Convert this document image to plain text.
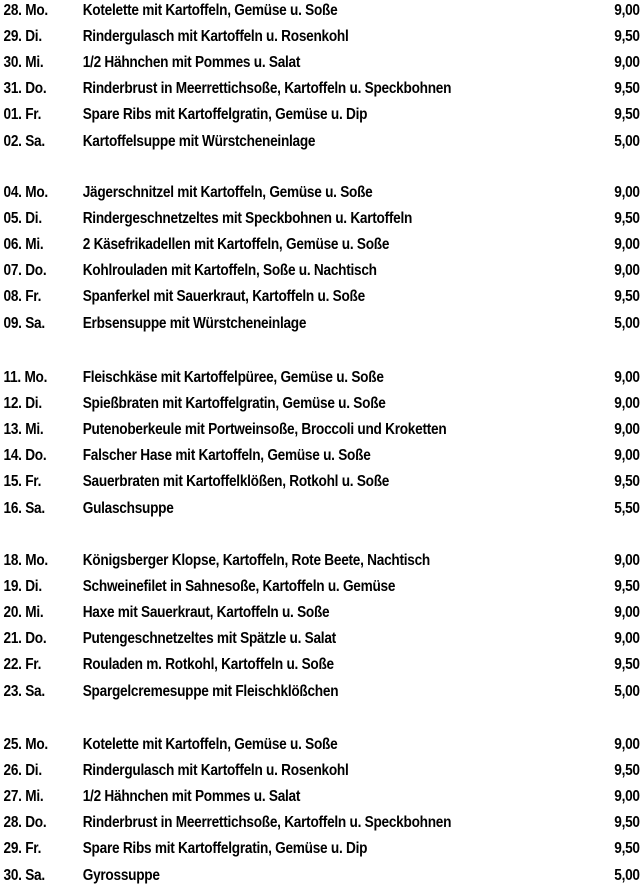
28. Mo. Kotelette mit Kartoffeln, Gemüse u. Soße	9,00
29. Di.	Rindergulasch mit Kartoffeln u. Rosenkohl	9,50
30. Mi.	1/2 Hähnchen mit Pommes u. Salat	9,00
31. Do. Rinderbrust in Meerrettichsoße, Kartoffeln u. Speckbohnen	9,50
01. Fr.	Spare Ribs mit Kartoffelgratin, Gemüse u. Dip	9,50
02. Sa. Kartoffelsuppe mit Würstcheneinlage	5,00
04. Mo. Jägerschnitzel mit Kartoffeln, Gemüse u. Soße	9,00
05. Di.	Rindergeschnetzeltes mit Speckbohnen u. Kartoffeln	9,50
06. Mi.	2 Käsefrikadellen mit Kartoffeln, Gemüse u. Soße	9,00
07. Do. Kohlrouladen mit Kartoffeln, Soße u. Nachtisch	9,00
08. Fr.	Spanferkel mit Sauerkraut, Kartoffeln u. Soße	9,50
09. Sa. Erbsensuppe mit Würstcheneinlage	5,00
11. Mo. Fleischkäse mit Kartoffelpüree, Gemüse u. Soße	9,00
12. Di.	Spießbraten mit Kartoffelgratin, Gemüse u. Soße	9,00
13. Mi.	Putenoberkeule mit Portweinsoße, Broccoli und Kroketten	9,00
14. Do. Falscher Hase mit Kartoffeln, Gemüse u. Soße	9,00
15. Fr.	Sauerbraten mit Kartoffelklößen, Rotkohl u. Soße	9,50
16. Sa. Gulaschsuppe	5,50
18. Mo. Königsberger Klopse, Kartoffeln, Rote Beete, Nachtisch	9,00
19. Di.	Schweinefilet in Sahnesoße, Kartoffeln u. Gemüse	9,50
20. Mi.	Haxe mit Sauerkraut, Kartoffeln u. Soße	9,00
21. Do. Putengeschnetzeltes mit Spätzle u. Salat	9,00
22. Fr.	Rouladen m. Rotkohl, Kartoffeln u. Soße	9,50
23. Sa. Spargelcremesuppe mit Fleischklößchen	5,00
25. Mo. Kotelette mit Kartoffeln, Gemüse u. Soße	9,00
26. Di.	Rindergulasch mit Kartoffeln u. Rosenkohl	9,50
27. Mi.	1/2 Hähnchen mit Pommes u. Salat	9,00
28. Do. Rinderbrust in Meerrettichsoße, Kartoffeln u. Speckbohnen	9,50
29. Fr.	Spare Ribs mit Kartoffelgratin, Gemüse u. Dip	9,50
30. Sa. Gyrossuppe	5,00
